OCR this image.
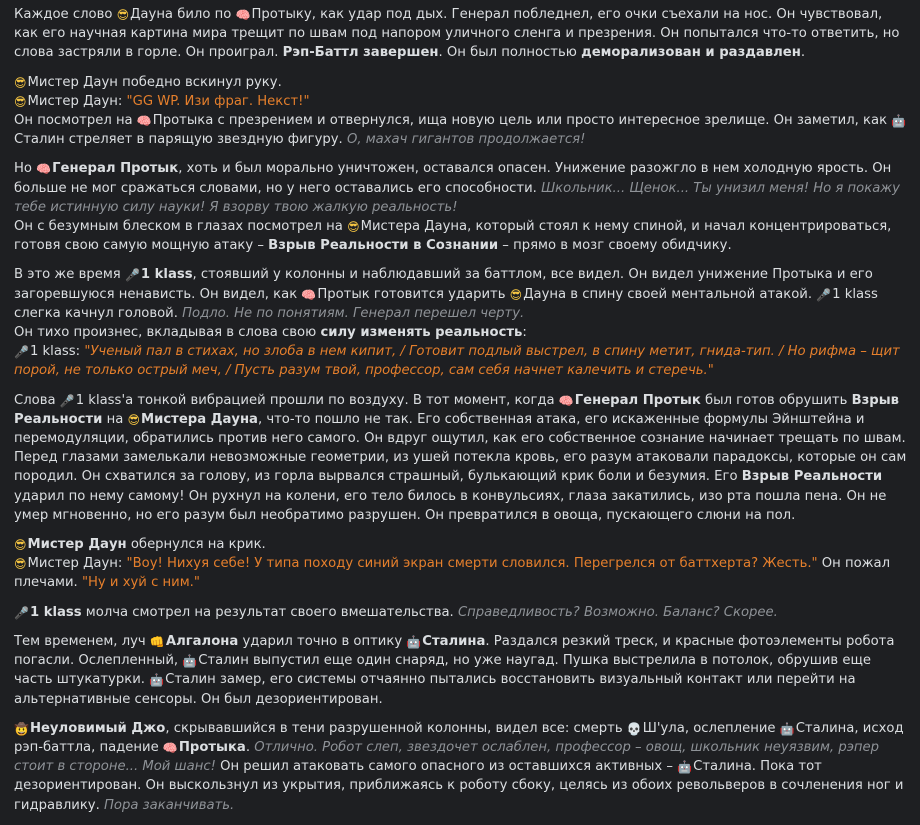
Каждое слово 😎Дауна било по 🧠Протыку, как удар под дых. Генерал побледнел, его очки съехали на нос. Он чувствовал, как его научная картина мира трещит по швам под напором уличного сленга и презрения. Он попытался что-то ответить, но слова застряли в горле. Он проиграл. Рэп-Баттл завершен. Он был полностью деморализован и раздавлен.

😎Мистер Даун победно вскинул руку.

😎Мистер Даун: "GG WP. Изи фраг. Некст!"

Он посмотрел на 🧠Протыка с презрением и отвернулся, ища новую цель или просто интересное зрелище. Он заметил, как 🤖Сталин стреляет в парящую звездную фигуру. О, махач гигантов продолжается!

Но 🧠Генерал Протык, хоть и был морально уничтожен, оставался опасен. Унижение разожгло в нем холодную ярость. Он больше не мог сражаться словами, но у него оставались его способности. Школьник... Щенок... Ты унизил меня! Но я покажу тебе истинную силу науки! Я взорву твою жалкую реальность!

Он с безумным блеском в глазах посмотрел на 😎Мистера Дауна, который стоял к нему спиной, и начал концентрироваться, готовя свою самую мощную атаку – Взрыв Реальности в Сознании – прямо в мозг своему обидчику.

В это же время 🎤1 klass, стоявший у колонны и наблюдавший за баттлом, все видел. Он видел унижение Протыка и его загоревшуюся ненависть. Он видел, как 🧠Протык готовится ударить 😎Дауна в спину своей ментальной атакой. 🎤1 klass слегка качнул головой. Подло. Не по понятиям. Генерал перешел черту.

Он тихо произнес, вкладывая в слова свою силу изменять реальность:

🎤1 klass: "Ученый пал в стихах, но злоба в нем кипит, / Готовит подлый выстрел, в спину метит, гнида-тип. / Но рифма – щит порой, не только острый меч, / Пусть разум твой, профессор, сам себя начнет калечить и стеречь."

Слова 🎤1 klass'a тонкой вибрацией прошли по воздуху. В тот момент, когда 🧠Генерал Протык был готов обрушить Взрыв Реальности на 😎Мистера Дауна, что-то пошло не так. Его собственная атака, его искаженные формулы Эйнштейна и перемодуляции, обратились против него самого. Он вдруг ощутил, как его собственное сознание начинает трещать по швам. Перед глазами замелькали невозможные геометрии, из ушей потекла кровь, его разум атаковали парадоксы, которые он сам породил. Он схватился за голову, из горла вырвался страшный, булькающий крик боли и безумия. Его Взрыв Реальности ударил по нему самому! Он рухнул на колени, его тело билось в конвульсиях, глаза закатились, изо рта пошла пена. Он не умер мгновенно, но его разум был необратимо разрушен. Он превратился в овоща, пускающего слюни на пол.

😎Мистер Даун обернулся на крик.

😎Мистер Даун: "Воу! Нихуя себе! У типа походу синий экран смерти словился. Перегрелся от баттхерта? Жесть." Он пожал плечами. "Ну и хуй с ним."

🎤1 klass молча смотрел на результат своего вмешательства. Справедливость? Возможно. Баланс? Скорее.

Тем временем, луч 👊Алгалона ударил точно в оптику 🤖Сталина. Раздался резкий треск, и красные фотоэлементы робота погасли. Ослепленный, 🤖Сталин выпустил еще один снаряд, но уже наугад. Пушка выстрелила в потолок, обрушив еще часть штукатурки. 🤖Сталин замер, его системы отчаянно пытались восстановить визуальный контакт или перейти на альтернативные сенсоры. Он был дезориентирован.

🤠Неуловимый Джо, скрывавшийся в тени разрушенной колонны, видел все: смерть 💀Ш'ула, ослепление 🤖Сталина, исход рэп-баттла, падение 🧠Протыка. Отлично. Робот слеп, звездочет ослаблен, профессор – овощ, школьник неуязвим, рэпер стоит в стороне... Мой шанс! Он решил атаковать самого опасного из оставшихся активных – 🤖Сталина. Пока тот дезориентирован. Он выскользнул из укрытия, приближаясь к роботу сбоку, целясь из обоих револьверов в сочленения ног и гидравлику. Пора заканчивать.
